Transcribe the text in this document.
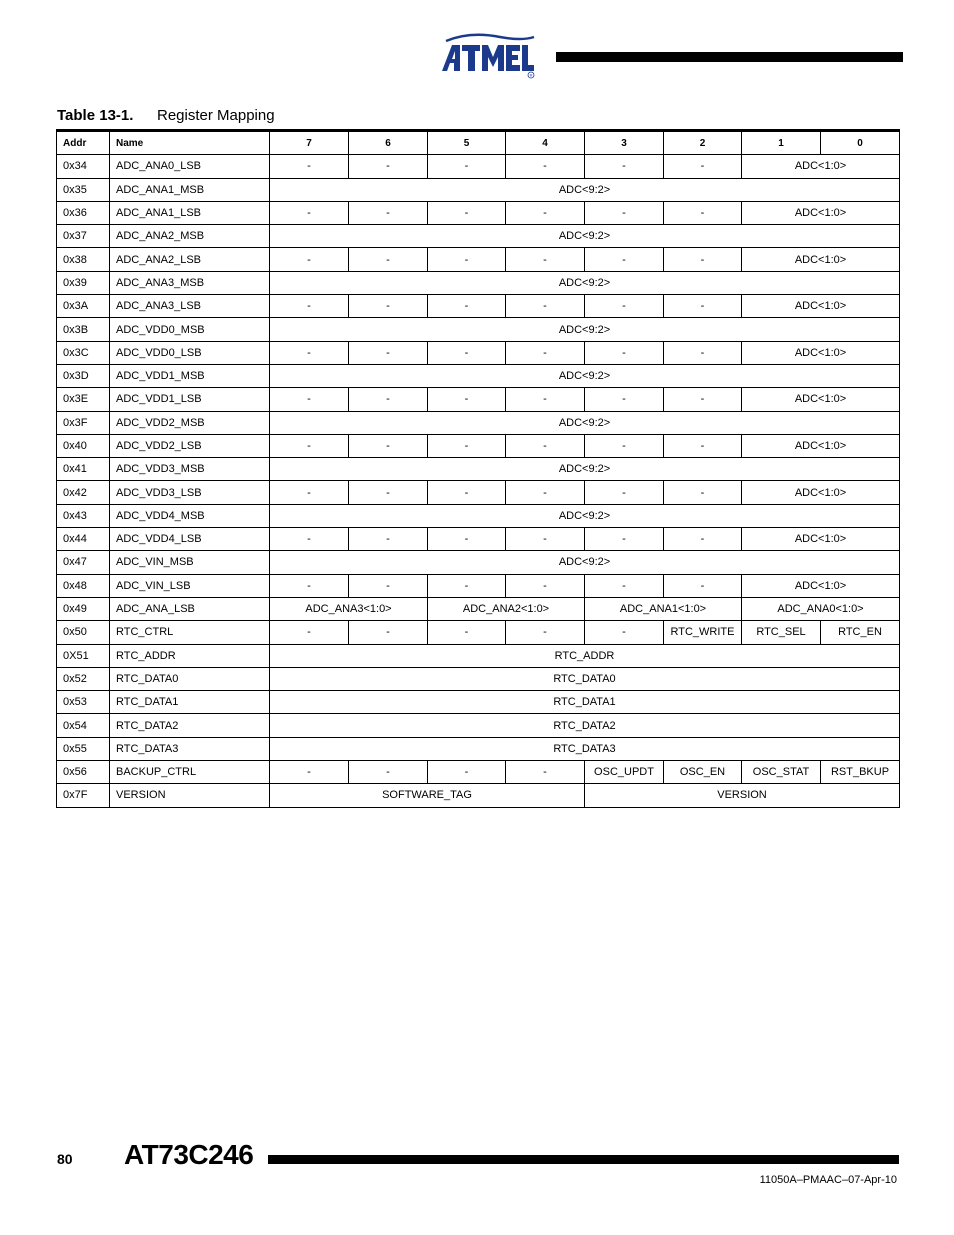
R
Table 13-1. Register Mapping
Addr	Name	7	6	5	4	3	2	1	0
0x34	ADC_ANA0_LSB	-	-	-	-	-	-	ADC<1:0>	
0x35	ADC_ANA1_MSB	ADC<9:2>							
0x36	ADC_ANA1_LSB	-	-	-	-	-	-	ADC<1:0>	
0x37	ADC_ANA2_MSB	ADC<9:2>							
0x38	ADC_ANA2_LSB	-	-	-	-	-	-	ADC<1:0>	
0x39	ADC_ANA3_MSB	ADC<9:2>							
0x3A	ADC_ANA3_LSB	-	-	-	-	-	-	ADC<1:0>	
0x3B	ADC_VDD0_MSB	ADC<9:2>							
0x3C	ADC_VDD0_LSB	-	-	-	-	-	-	ADC<1:0>	
0x3D	ADC_VDD1_MSB	ADC<9:2>							
0x3E	ADC_VDD1_LSB	-	-	-	-	-	-	ADC<1:0>	
0x3F	ADC_VDD2_MSB	ADC<9:2>							
0x40	ADC_VDD2_LSB	-	-	-	-	-	-	ADC<1:0>	
0x41	ADC_VDD3_MSB	ADC<9:2>							
0x42	ADC_VDD3_LSB	-	-	-	-	-	-	ADC<1:0>	
0x43	ADC_VDD4_MSB	ADC<9:2>							
0x44	ADC_VDD4_LSB	-	-	-	-	-	-	ADC<1:0>	
0x47	ADC_VIN_MSB	ADC<9:2>							
0x48	ADC_VIN_LSB	-	-	-	-	-	-	ADC<1:0>	
0x49	ADC_ANA_LSB	ADC_ANA3<1:0>		ADC_ANA2<1:0>		ADC_ANA1<1:0>		ADC_ANA0<1:0>	
0x50	RTC_CTRL	-	-	-	-	-	RTC_WRITE	RTC_SEL	RTC_EN
0X51	RTC_ADDR	RTC_ADDR							
0x52	RTC_DATA0	RTC_DATA0							
0x53	RTC_DATA1	RTC_DATA1							
0x54	RTC_DATA2	RTC_DATA2							
0x55	RTC_DATA3	RTC_DATA3							
0x56	BACKUP_CTRL	-	-	-	-	OSC_UPDT	OSC_EN	OSC_STAT	RST_BKUP
0x7F	VERSION	SOFTWARE_TAG				VERSION			
80 AT73C246
11050A–PMAAC–07-Apr-10
